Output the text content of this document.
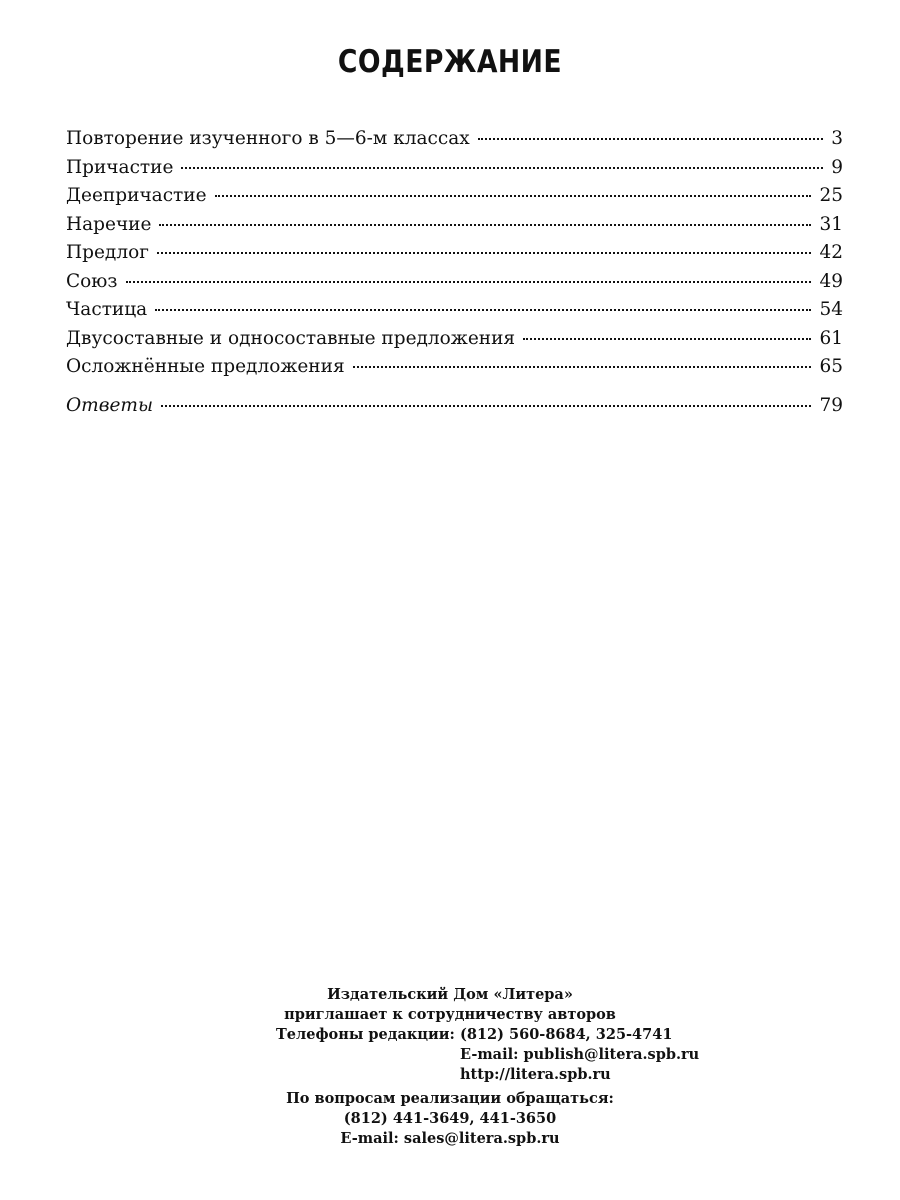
СОДЕРЖАНИЕ
Повторение изученного в 5—6-м классах	3
Причастие	9
Деепричастие	25
Наречие	31
Предлог	42
Союз	49
Частица	54
Двусоставные и односоставные предложения	61
Осложнённые предложения	65
Ответы	79
Издательский Дом «Литера»
приглашает к сотрудничеству авторов
Телефоны редакции: (812) 560-8684, 325-4741
E-mail: publish@litera.spb.ru
http://litera.spb.ru
По вопросам реализации обращаться:
(812) 441-3649, 441-3650
E-mail: sales@litera.spb.ru
